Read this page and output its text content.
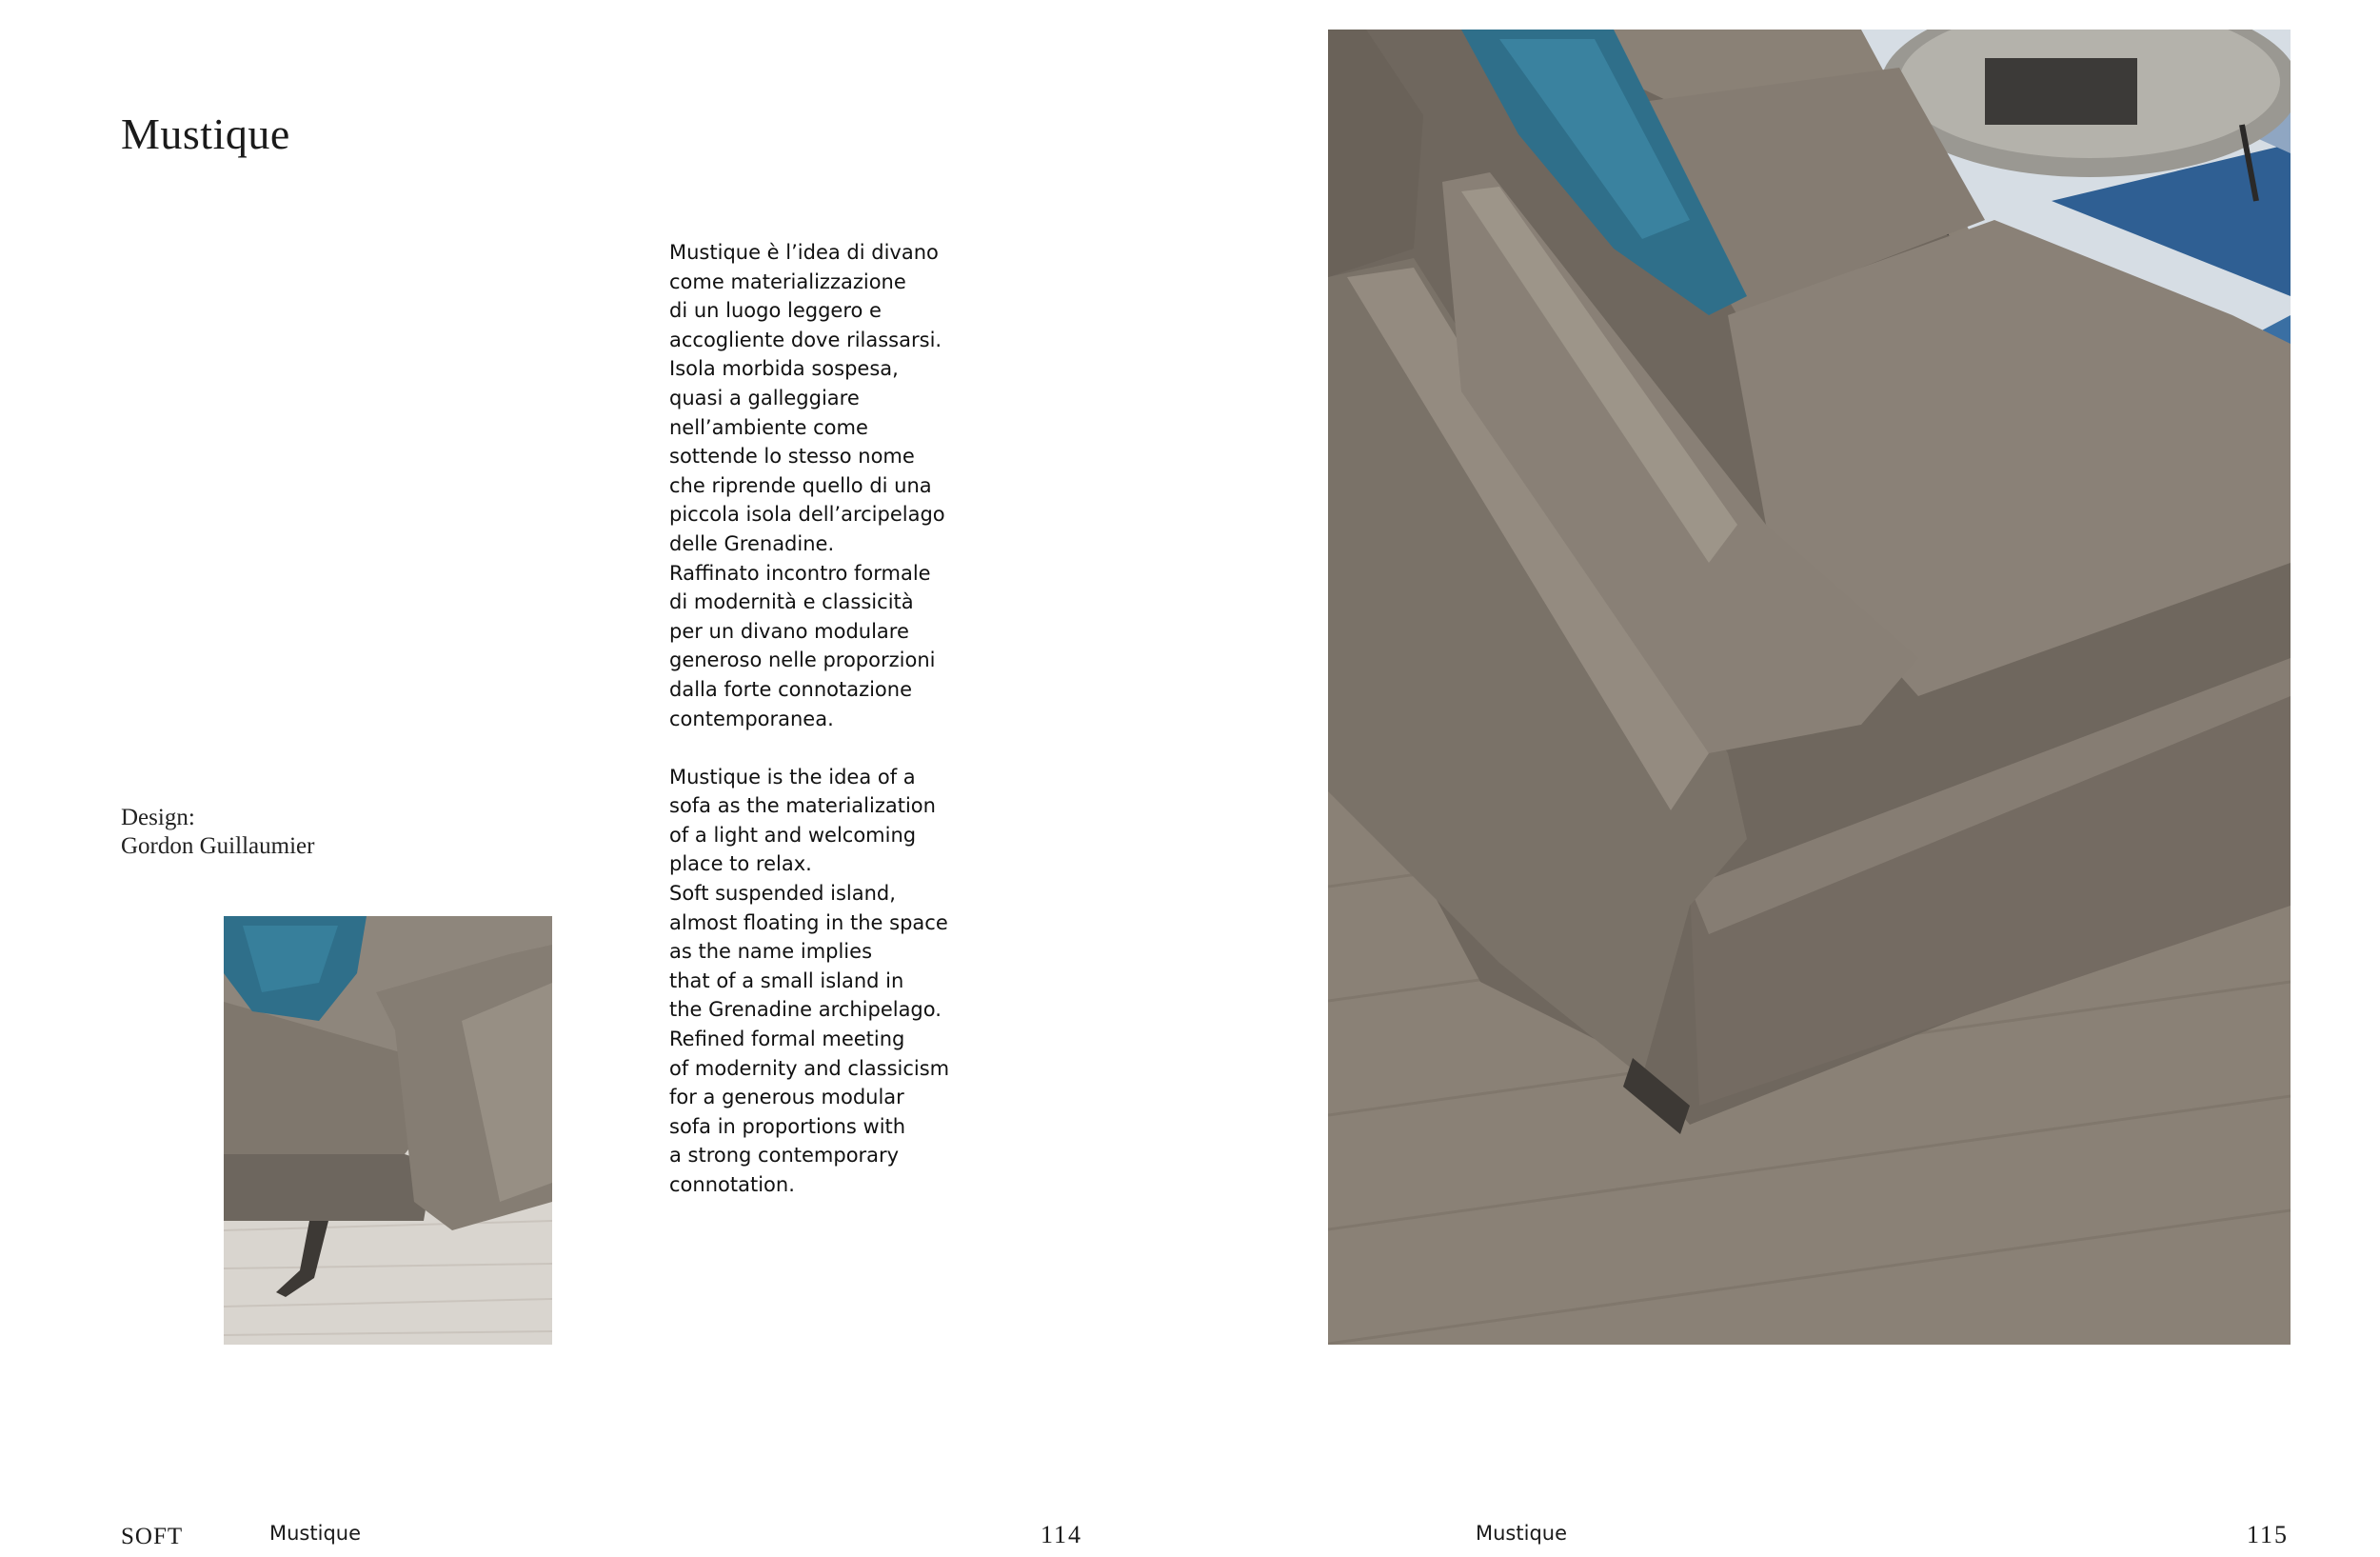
Mustique

Mustique è l’idea di divano
come materializzazione
di un luogo leggero e
accogliente dove rilassarsi.
Isola morbida sospesa,
quasi a galleggiare
nell’ambiente come
sottende lo stesso nome
che riprende quello di una
piccola isola dell’arcipelago
delle Grenadine.
Raffinato incontro formale
di modernità e classicità
per un divano modulare
generoso nelle proporzioni
dalla forte connotazione
contemporanea.

Mustique is the idea of a
sofa as the materialization
of a light and welcoming
place to relax.
Soft suspended island,
almost floating in the space
as the name implies
that of a small island in
the Grenadine archipelago.
Refined formal meeting
of modernity and classicism
for a generous modular
sofa in proportions with
a strong contemporary
connotation.

Design:
Gordon Guillaumier
SOFT	Mustique	114	Mustique	115
